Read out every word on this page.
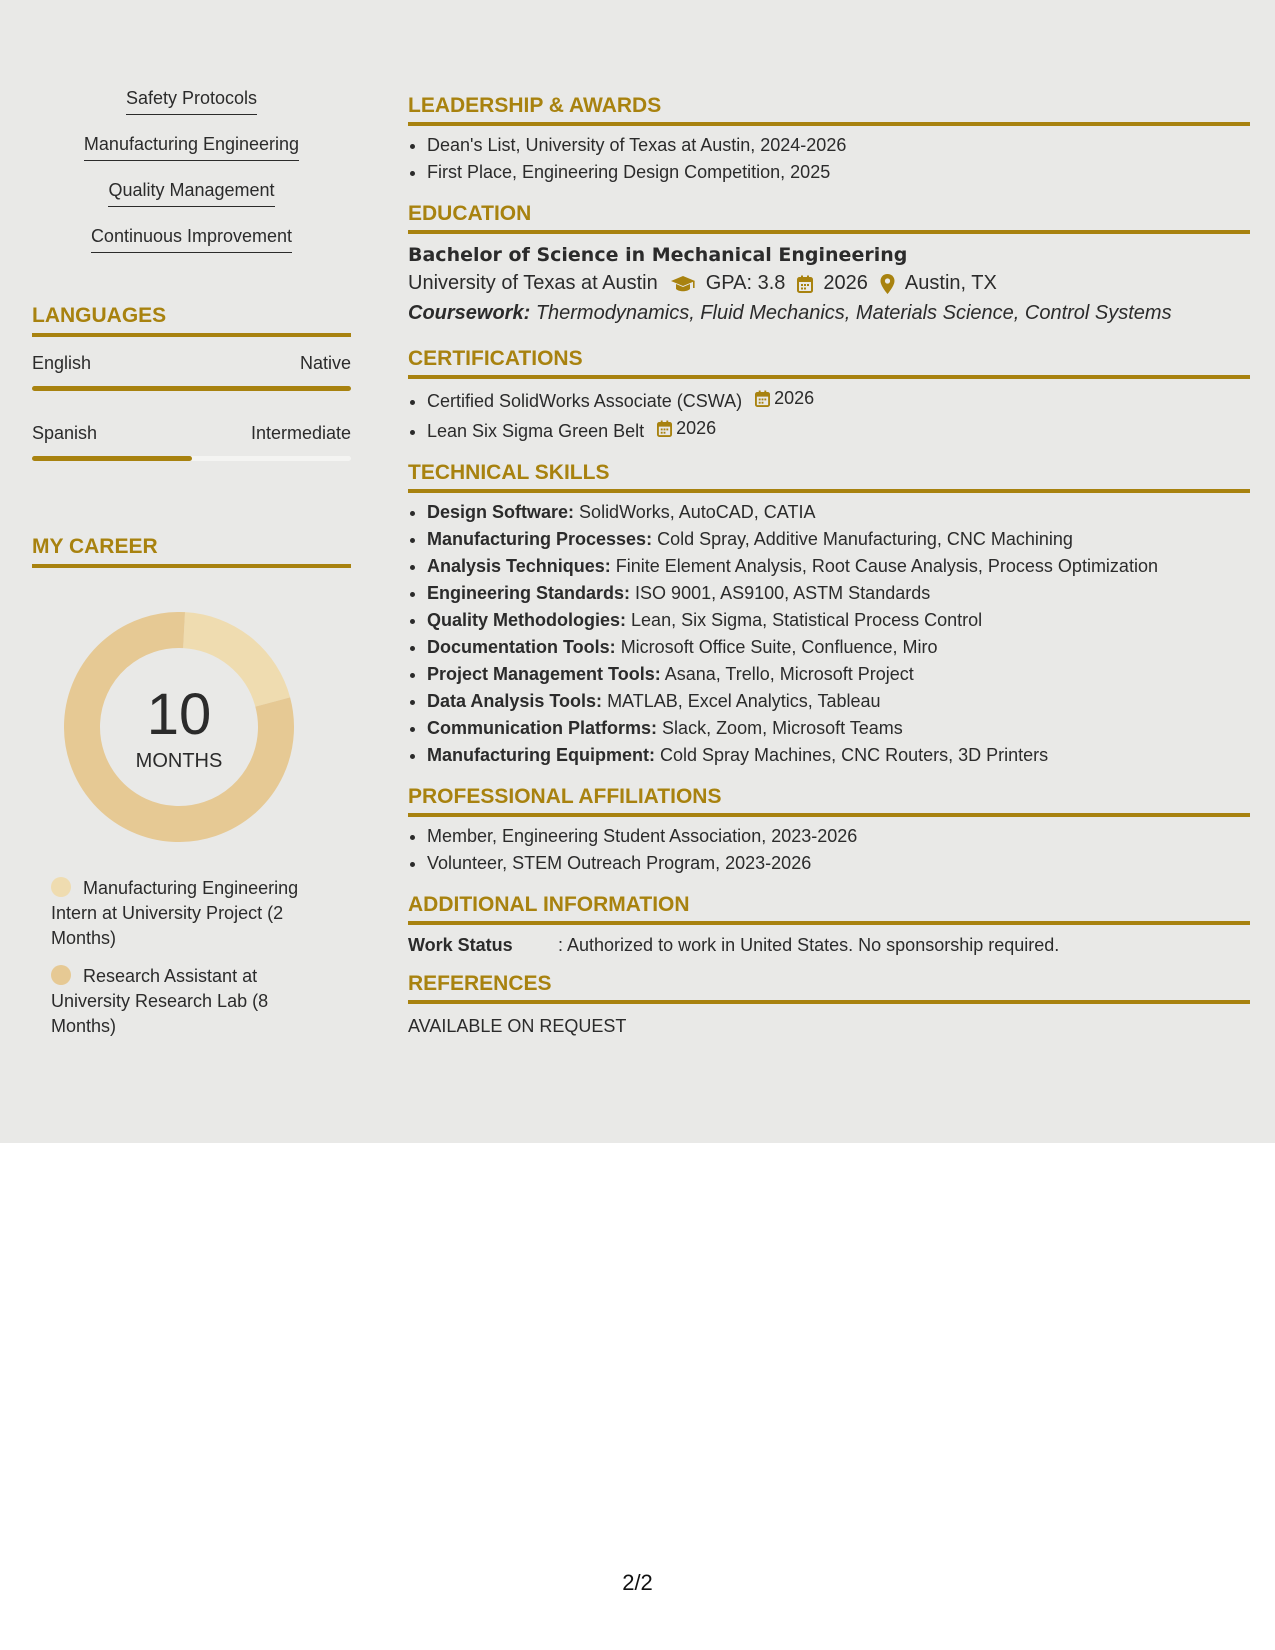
Safety Protocols
Manufacturing Engineering
Quality Management
Continuous Improvement
LANGUAGES
English	Native
Spanish	Intermediate
MY CAREER
10
MONTHS
Manufacturing Engineering Intern at University Project (2 Months)
Research Assistant at University Research Lab (8 Months)
LEADERSHIP & AWARDS
• Dean's List, University of Texas at Austin, 2024-2026
• First Place, Engineering Design Competition, 2025
EDUCATION
Bachelor of Science in Mechanical Engineering
University of Texas at Austin GPA: 3.8 2026 Austin, TX
Coursework: Thermodynamics, Fluid Mechanics, Materials Science, Control Systems
CERTIFICATIONS
• Certified SolidWorks Associate (CSWA) 2026
• Lean Six Sigma Green Belt 2026
TECHNICAL SKILLS
• Design Software: SolidWorks, AutoCAD, CATIA
• Manufacturing Processes: Cold Spray, Additive Manufacturing, CNC Machining
• Analysis Techniques: Finite Element Analysis, Root Cause Analysis, Process Optimization
• Engineering Standards: ISO 9001, AS9100, ASTM Standards
• Quality Methodologies: Lean, Six Sigma, Statistical Process Control
• Documentation Tools: Microsoft Office Suite, Confluence, Miro
• Project Management Tools: Asana, Trello, Microsoft Project
• Data Analysis Tools: MATLAB, Excel Analytics, Tableau
• Communication Platforms: Slack, Zoom, Microsoft Teams
• Manufacturing Equipment: Cold Spray Machines, CNC Routers, 3D Printers
PROFESSIONAL AFFILIATIONS
• Member, Engineering Student Association, 2023-2026
• Volunteer, STEM Outreach Program, 2023-2026
ADDITIONAL INFORMATION
Work Status	: Authorized to work in United States. No sponsorship required.
REFERENCES
AVAILABLE ON REQUEST
2/2
